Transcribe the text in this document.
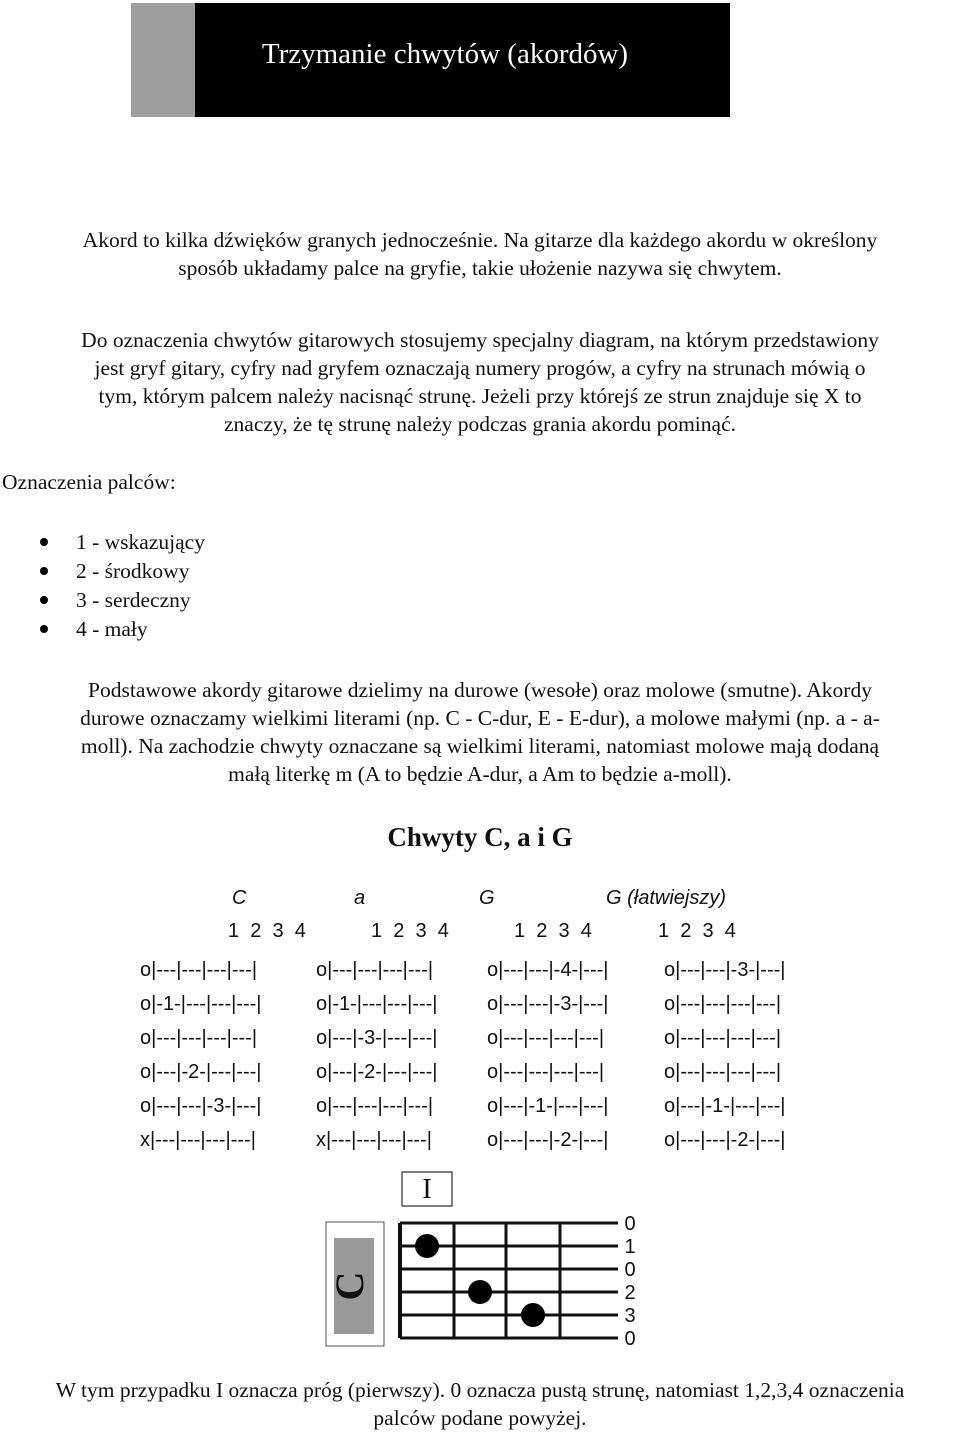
Trzymanie chwytów (akordów)

Akord to kilka dźwięków granych jednocześnie. Na gitarze dla każdego akordu w określony
sposób układamy palce na gryfie, takie ułożenie nazywa się chwytem.

Do oznaczenia chwytów gitarowych stosujemy specjalny diagram, na którym przedstawiony
jest gryf gitary, cyfry nad gryfem oznaczają numery progów, a cyfry na strunach mówią o
tym, którym palcem należy nacisnąć strunę. Jeżeli przy którejś ze strun znajduje się X to
znaczy, że tę strunę należy podczas grania akordu pominąć.

Oznaczenia palców:
1 - wskazujący
2 - środkowy
3 - serdeczny
4 - mały

Podstawowe akordy gitarowe dzielimy na durowe (wesołe) oraz molowe (smutne). Akordy
durowe oznaczamy wielkimi literami (np. C - C-dur, E - E-dur), a molowe małymi (np. a - a-
moll). Na zachodzie chwyty oznaczane są wielkimi literami, natomiast molowe mają dodaną
małą literkę m (A to będzie A-dur, a Am to będzie a-moll).

Chwyty C, a i G
C
1  2  3  4
o|---|---|---|---|
o|-1-|---|---|---|
o|---|---|---|---|
o|---|-2-|---|---|
o|---|---|-3-|---|
x|---|---|---|---|
a
1  2  3  4
o|---|---|---|---|
o|-1-|---|---|---|
o|---|-3-|---|---|
o|---|-2-|---|---|
o|---|---|---|---|
x|---|---|---|---|
G
1  2  3  4
o|---|---|-4-|---|
o|---|---|-3-|---|
o|---|---|---|---|
o|---|---|---|---|
o|---|-1-|---|---|
o|---|---|-2-|---|
G (łatwiejszy)
1  2  3  4
o|---|---|-3-|---|
o|---|---|---|---|
o|---|---|---|---|
o|---|---|---|---|
o|---|-1-|---|---|
o|---|---|-2-|---|
C
I
0
1
0
2
3
0

W tym przypadku I oznacza próg (pierwszy). 0 oznacza pustą strunę, natomiast 1,2,3,4 oznaczenia
palców podane powyżej.
